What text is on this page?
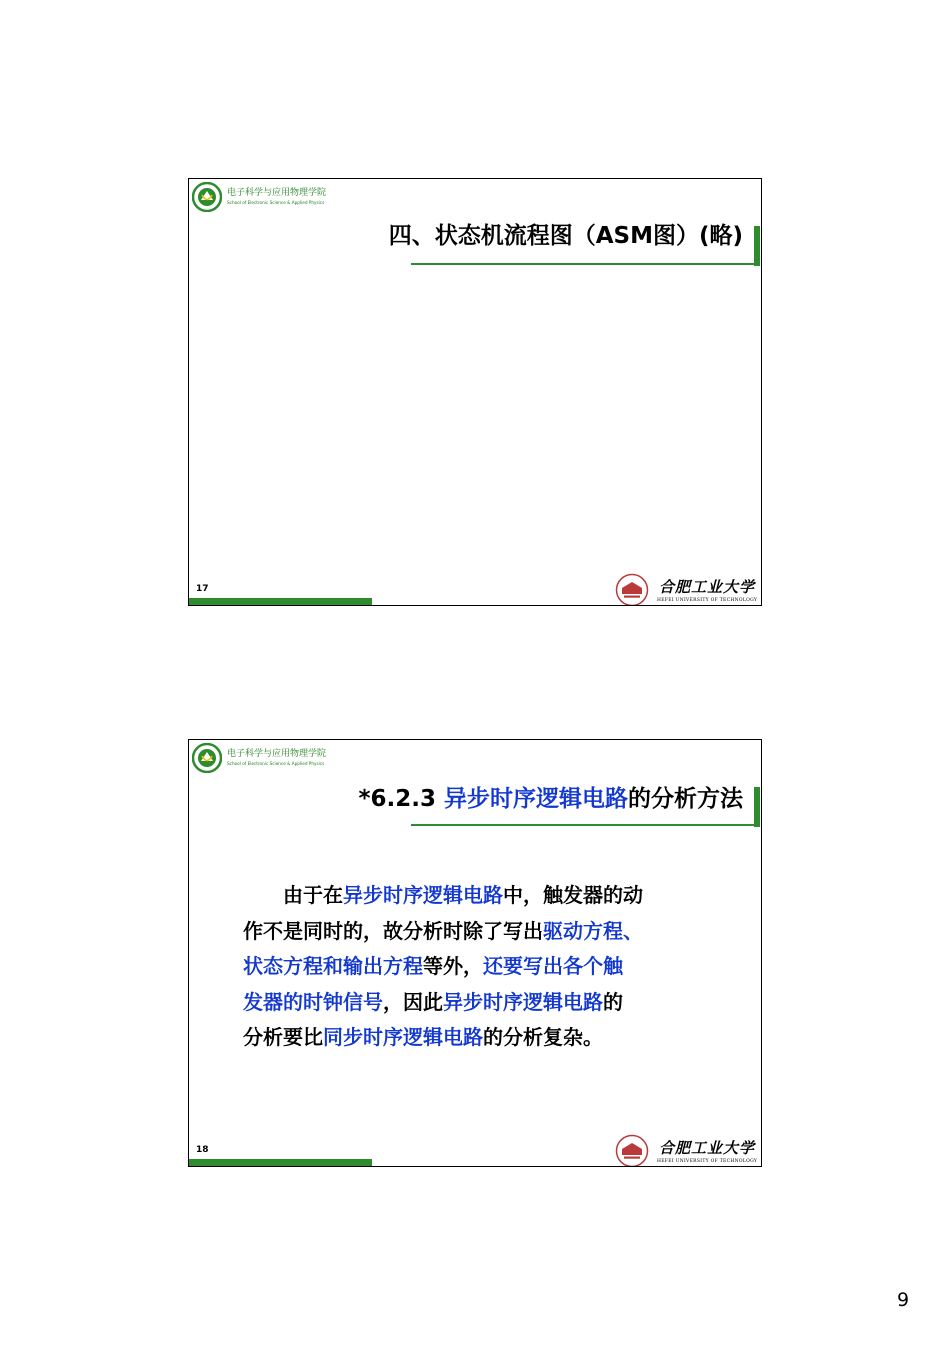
电子科学与应用物理学院
School of Electronic Science & Applied Physics
四、状态机流程图（ASM图）(略)
17	合肥工业大学
HEFEI UNIVERSITY OF TECHNOLOGY
电子科学与应用物理学院
School of Electronic Science & Applied Physics
*6.2.3 异步时序逻辑电路的分析方法
　　由于在异步时序逻辑电路中，触发器的动
作不是同时的，故分析时除了写出驱动方程、
状态方程和输出方程等外，还要写出各个触
发器的时钟信号，因此异步时序逻辑电路的
分析要比同步时序逻辑电路的分析复杂。
18	合肥工业大学
HEFEI UNIVERSITY OF TECHNOLOGY
9
